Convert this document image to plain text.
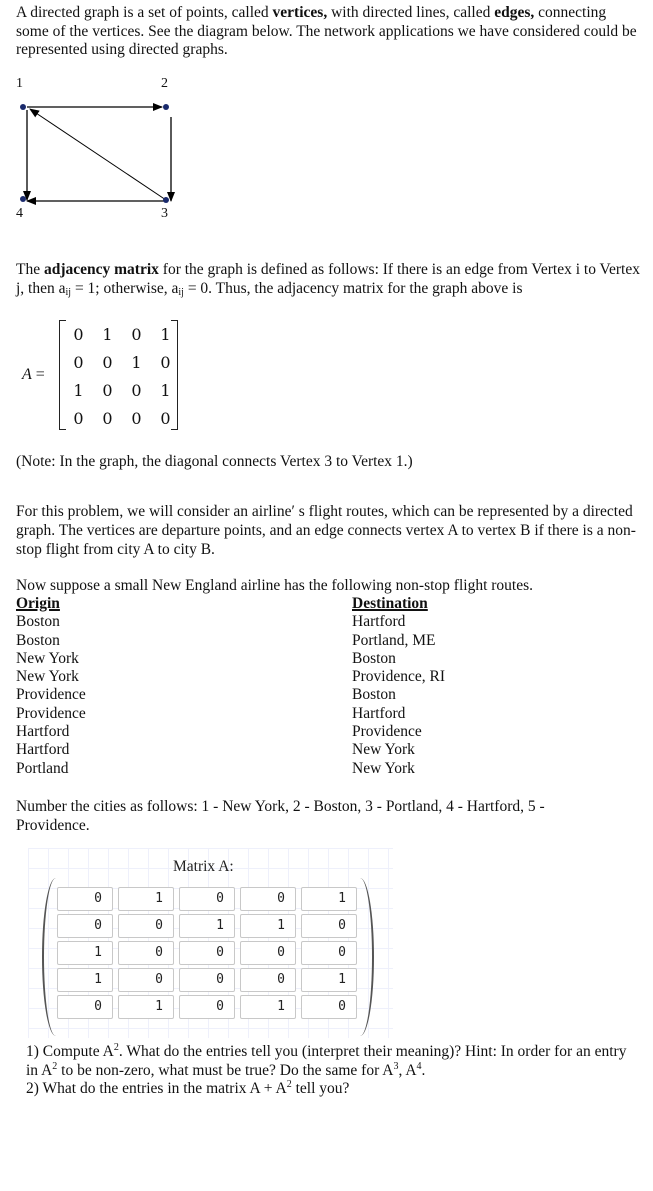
A directed graph is a set of points, called vertices, with directed lines, called edges, connecting some of the vertices. See the diagram below. The network applications we have considered could be represented using directed graphs.
1	2
3
4
The adjacency matrix for the graph is defined as follows: If there is an edge from Vertex i to Vertex j, then $a_{ij} = 1$; otherwise, $a_{ij} = 0$. Thus, the adjacency matrix for the graph above is
A =
0	1	0	1
0	0	1	0
1	0	0	1
0	0	0	0
(Note: In the graph, the diagonal connects Vertex 3 to Vertex 1.)
For this problem, we will consider an airline′ s flight routes, which can be represented by a directed graph. The vertices are departure points, and an edge connects vertex A to vertex B if there is a non-stop flight from city A to city B.
Now suppose a small New England airline has the following non-stop flight routes.
Origin	Destination
Boston	Hartford
Boston	Portland, ME
New York	Boston
New York	Providence, RI
Providence	Boston
Providence	Hartford
Hartford	Providence
Hartford	New York
Portland	New York
Number the cities as follows: 1 - New York, 2 - Boston, 3 - Portland, 4 - Hartford, 5 - Providence.
Matrix A:
0	1	0	0	1
0	0	1	1	0
1	0	0	0	0
1	0	0	0	1
0	1	0	1	0
1) Compute $A^2$. What do the entries tell you (interpret their meaning)? Hint: In order for an entry in $A^2$ to be non-zero, what must be true? Do the same for $A^3$, $A^4$.
2) What do the entries in the matrix $A + A^2$ tell you?
